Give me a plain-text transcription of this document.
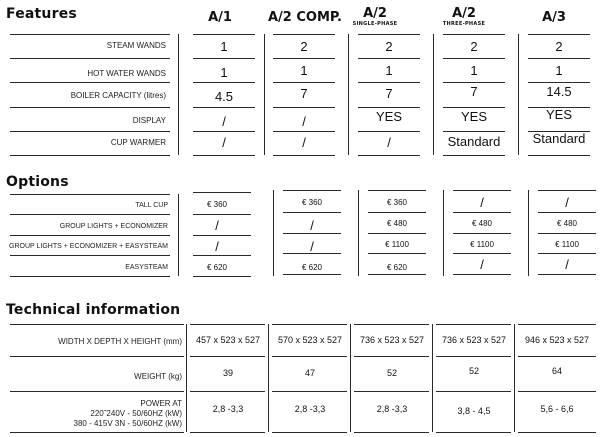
Features	A/1	A/2 COMP.	A/2
SINGLE-PHASE
A/2
THREE-PHASE	A/3
STEAM WANDS	1	2	2	2	2
HOT WATER WANDS	1	1	1	1	1
BOILER CAPACITY (litres)	4.5	7	7	7	14.5
DISPLAY	/	/	YES	YES	YES
CUP WARMER	/	/	/	Standard	Standard
Options
TALL CUP	€ 360	€ 360	€ 360	/	/
GROUP LIGHTS + ECONOMIZER	/	/	€ 480	€ 480	€ 480
GROUP LIGHTS + ECONOMIZER + EASYSTEAM	/	/	€ 1100	€ 1100	€ 1100
EASYSTEAM	€ 620	€ 620	€ 620	/	/
Technical information
WIDTH X DEPTH X HEIGHT (mm)	457 x 523 x 527	570 x 523 x 527	736 x 523 x 527	736 x 523 x 527	946 x 523 x 527
WEIGHT (kg)	39	47	52	52	64
POWER AT
220˜240V - 50/60HZ (kW)
380 - 415V 3N - 50/60HZ (kW)
2,8 -3,3	2,8 -3,3	2,8 -3,3	3,8 - 4,5	5,6 - 6,6
